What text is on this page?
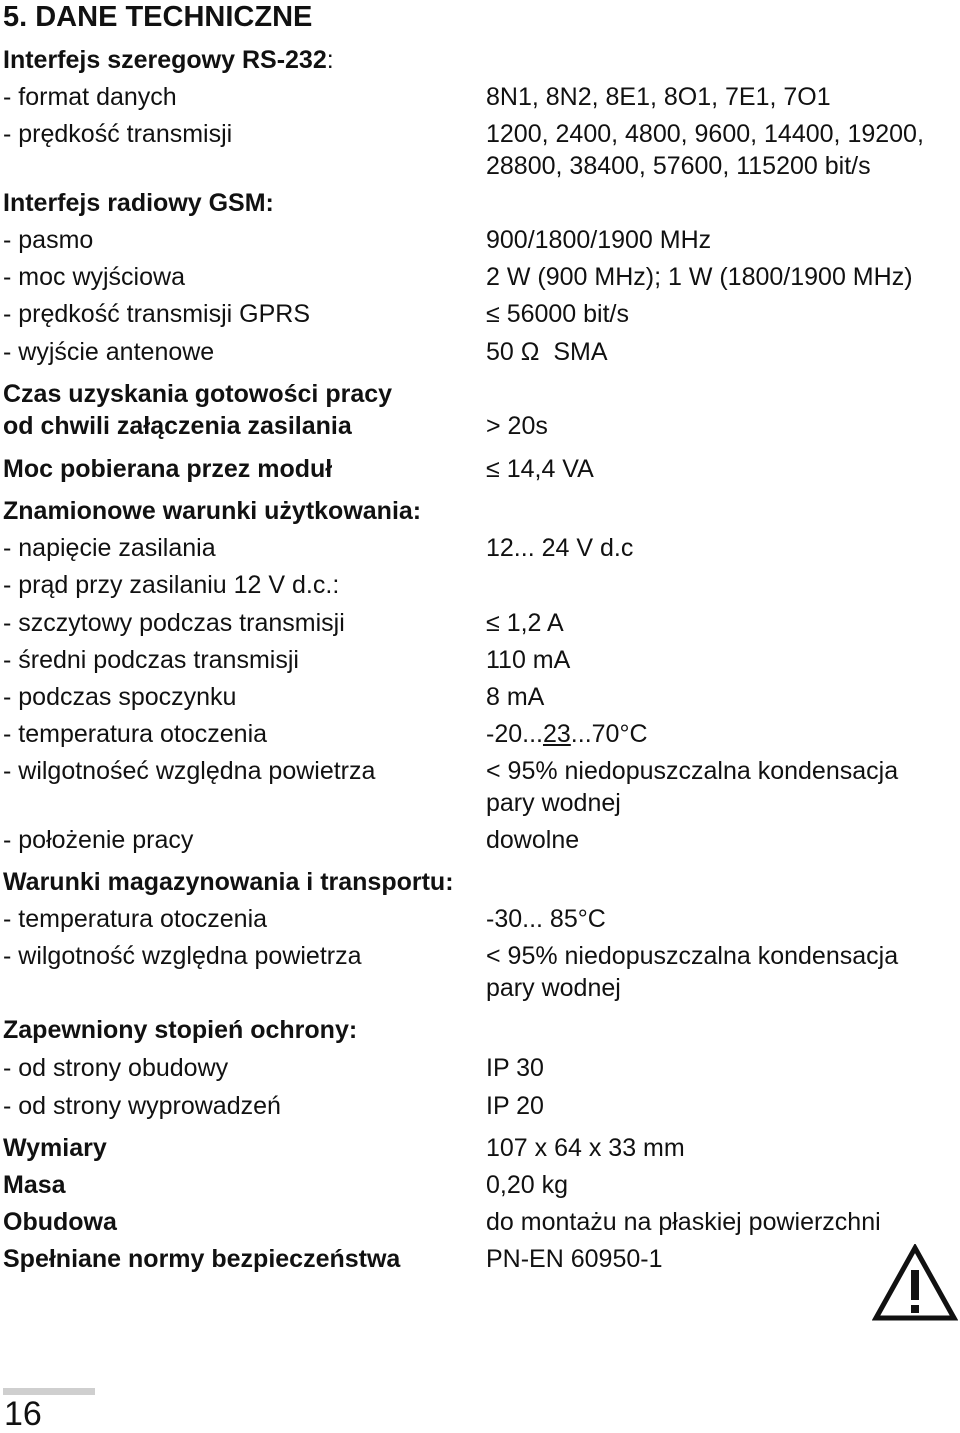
5. DANE TECHNICZNE
Interfejs szeregowy RS-232:
- format danych	8N1, 8N2, 8E1, 8O1, 7E1, 7O1
- prędkość transmisji	1200, 2400, 4800, 9600, 14400, 19200,
28800, 38400, 57600, 115200 bit/s
Interfejs radiowy GSM:
- pasmo	900/1800/1900 MHz
- moc wyjściowa	2 W (900 MHz); 1 W (1800/1900 MHz)
- prędkość transmisji GPRS	≤ 56000 bit/s
- wyjście antenowe	50 Ω  SMA
Czas uzyskania gotowości pracy
od chwili załączenia zasilania	> 20s
Moc pobierana przez moduł	≤ 14,4 VA
Znamionowe warunki użytkowania:
- napięcie zasilania	12... 24 V d.c
- prąd przy zasilaniu 12 V d.c.:
- szczytowy podczas transmisji	≤ 1,2 A
- średni podczas transmisji	110 mA
- podczas spoczynku	8 mA
- temperatura otoczenia	-20...23...70°C
- wilgotnośeć względna powietrza	< 95% niedopuszczalna kondensacja
pary wodnej
- położenie pracy	dowolne
Warunki magazynowania i transportu:
- temperatura otoczenia	-30... 85°C
- wilgotność względna powietrza	< 95% niedopuszczalna kondensacja
pary wodnej
Zapewniony stopień ochrony:
- od strony obudowy	IP 30
- od strony wyprowadzeń	IP 20
Wymiary	107 x 64 x 33 mm
Masa	0,20 kg
Obudowa	do montażu na płaskiej powierzchni
Spełniane normy bezpieczeństwa	PN-EN 60950-1
16
